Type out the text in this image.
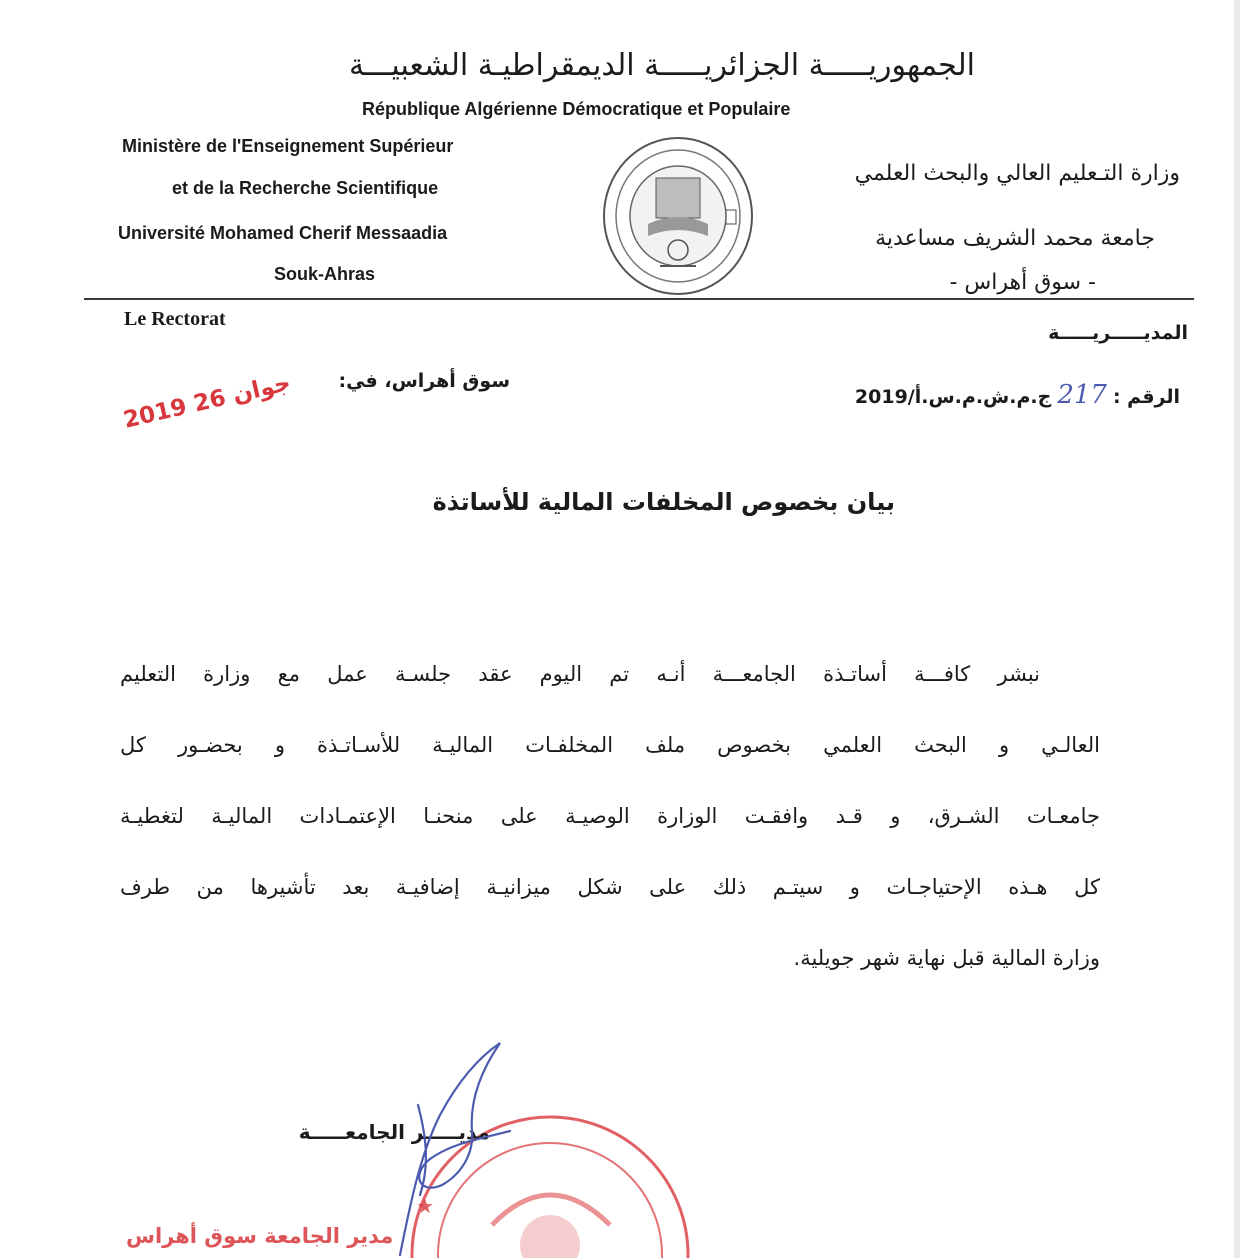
الجمهوريـــــة الجزائريـــــة الديمقراطيـة الشعبيـــة
République Algérienne Démocratique et Populaire
Ministère de l'Enseignement Supérieur
et de la Recherche Scientifique
Université Mohamed Cherif Messaadia
Souk-Ahras
وزارة التـعليم العالي والبحث العلمي
جامعة محمد الشريف مساعدية
- سوق أهراس -
Le Rectorat
المديـــــريـــــة
سوق أهراس، في:
الرقم :
217
ج.م.ش.م.س.أ/2019
2019 جوان 26
بيان بخصوص المخلفات المالية للأساتذة
نبشر كافـــة أساتـذة الجامعـــة أنـه تم اليوم عقد جلسـة عمل مع وزارة التعليم
العالـي و البحث العلمي بخصوص ملف المخلفـات الماليـة للأسـاتـذة و بحضـور كل
جامعـات الشـرق، و قـد وافقـت الوزارة الوصيـة على منحنـا الإعتمـادات الماليـة لتغطيـة
كل هـذه الإحتياجـات و سيتـم ذلك على شكل ميزانيـة إضافيـة بعد تأشيرها من طرف
وزارة المالية قبل نهاية شهر جويلية.
★
مديـــــر الجامعـــــة
مدير الجامعة سوق أهراس
